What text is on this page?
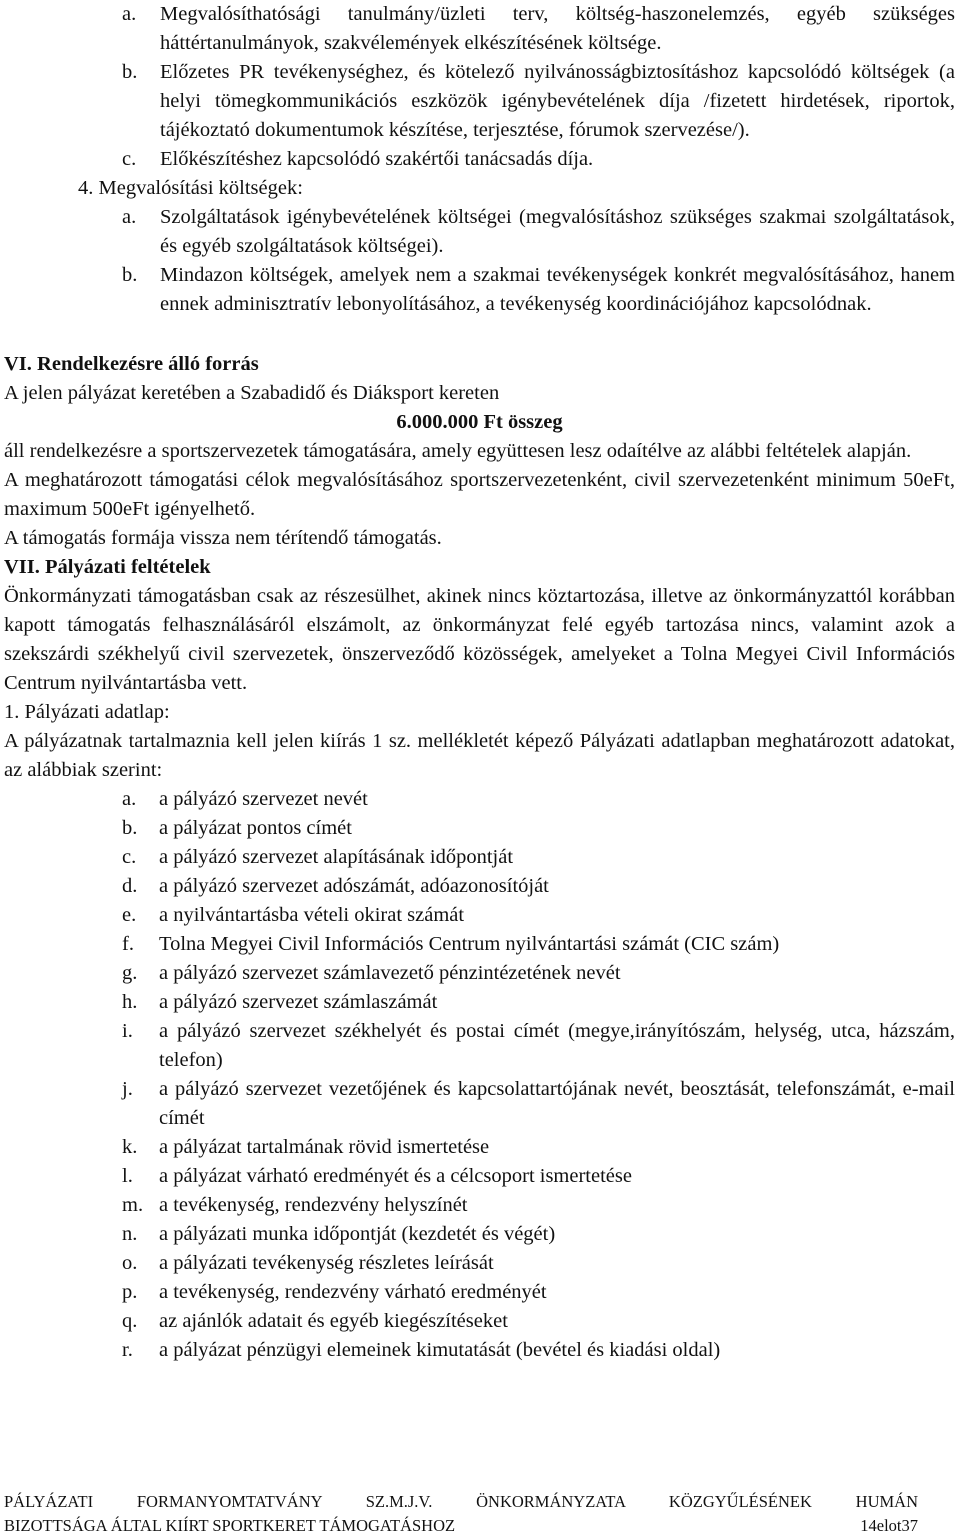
a.	Megvalósíthatósági tanulmány/üzleti terv, költség-haszonelemzés, egyéb szükséges háttértanulmányok, szakvélemények elkészítésének költsége.
b.	Előzetes PR tevékenységhez, és kötelező nyilvánosságbiztosításhoz kapcsolódó költségek (a helyi tömegkommunikációs eszközök igénybevételének díja /fizetett hirdetések, riportok, tájékoztató dokumentumok készítése, terjesztése, fórumok szervezése/).
c.	Előkészítéshez kapcsolódó szakértői tanácsadás díja.
4. Megvalósítási költségek:
a.	Szolgáltatások igénybevételének költségei (megvalósításhoz szükséges szakmai szolgáltatások, és egyéb szolgáltatások költségei).
b.	Mindazon költségek, amelyek nem a szakmai tevékenységek konkrét megvalósításához, hanem ennek adminisztratív lebonyolításához, a tevékenység koordinációjához kapcsolódnak.
VI. Rendelkezésre álló forrás
A jelen pályázat keretében a Szabadidő és Diáksport kereten
6.000.000 Ft összeg
áll rendelkezésre a sportszervezetek támogatására, amely együttesen lesz odaítélve az alábbi feltételek alapján.
A meghatározott támogatási célok megvalósításához sportszervezetenként, civil szervezetenként minimum 50eFt, maximum 500eFt igényelhető.
A támogatás formája vissza nem térítendő támogatás.
VII. Pályázati feltételek
Önkormányzati támogatásban csak az részesülhet, akinek nincs köztartozása, illetve az önkormányzattól korábban kapott támogatás felhasználásáról elszámolt, az önkormányzat felé egyéb tartozása nincs, valamint azok a szekszárdi székhelyű civil szervezetek, önszerveződő közösségek, amelyeket a Tolna Megyei Civil Információs Centrum nyilvántartásba vett.
1. Pályázati adatlap:
A pályázatnak tartalmaznia kell jelen kiírás 1 sz. mellékletét képező Pályázati adatlapban meghatározott adatokat, az alábbiak szerint:
a.	a pályázó szervezet nevét
b.	a pályázat pontos címét
c.	a pályázó szervezet alapításának időpontját
d.	a pályázó szervezet adószámát, adóazonosítóját
e.	a nyilvántartásba vételi okirat számát
f.	Tolna Megyei Civil Információs Centrum nyilvántartási számát (CIC szám)
g.	a pályázó szervezet számlavezető pénzintézetének nevét
h.	a pályázó szervezet számlaszámát
i.	a pályázó szervezet székhelyét és postai címét (megye,irányítószám, helység, utca, házszám, telefon)
j.	a pályázó szervezet vezetőjének és kapcsolattartójának nevét, beosztását, telefonszámát, e-mail címét
k.	a pályázat tartalmának rövid ismertetése
l.	a pályázat várható eredményét és a célcsoport ismertetése
m. a tevékenység, rendezvény helyszínét
n.	a pályázati munka időpontját (kezdetét és végét)
o.	a pályázati tevékenység részletes leírását
p.	a tevékenység, rendezvény várható eredményét
q.	az ajánlók adatait és egyéb kiegészítéseket
r.	a pályázat pénzügyi elemeinek kimutatását (bevétel és kiadási oldal)
PÁLYÁZATI FORMANYOMTATVÁNY SZ.M.J.V. ÖNKORMÁNYZATA KÖZGYŰLÉSÉNEK HUMÁN
BIZOTTSÁGA ÁLTAL KIÍRT SPORTKERET TÁMOGATÁSHOZ	14elot37
